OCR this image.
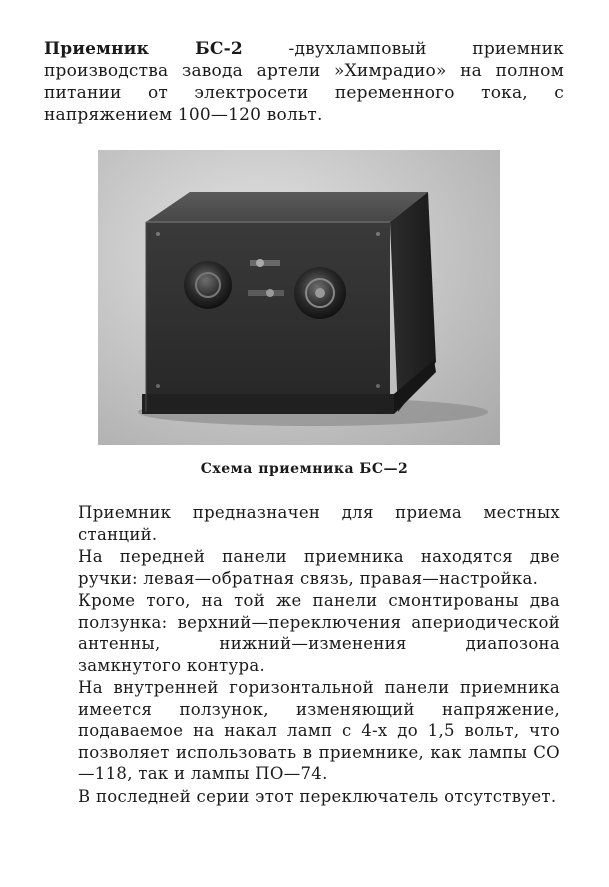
Приемник БС-2 -двухламповый приемник производства завода артели »Химрадио» на полном питании от электросети переменного тока, с напряжением 100—120 вольт.
Схема приемника БС—2

Приемник предназначен для приема местных станций.

На передней панели приемника находятся две ручки: левая—обратная связь, правая—настройка.

Кроме того, на той же панели смонтированы два ползунка: верхний—переключения апериодической антенны, нижний—изменения диапозона замкнутого контура.

На внутренней горизонтальной панели приемника имеется ползунок, изменяющий напряжение, подаваемое на накал ламп с 4-х до 1,5 вольт, что позволяет использовать в приемнике, как лампы СО—118, так и лампы ПО—74.

В последней серии этот переключатель отсутствует.
